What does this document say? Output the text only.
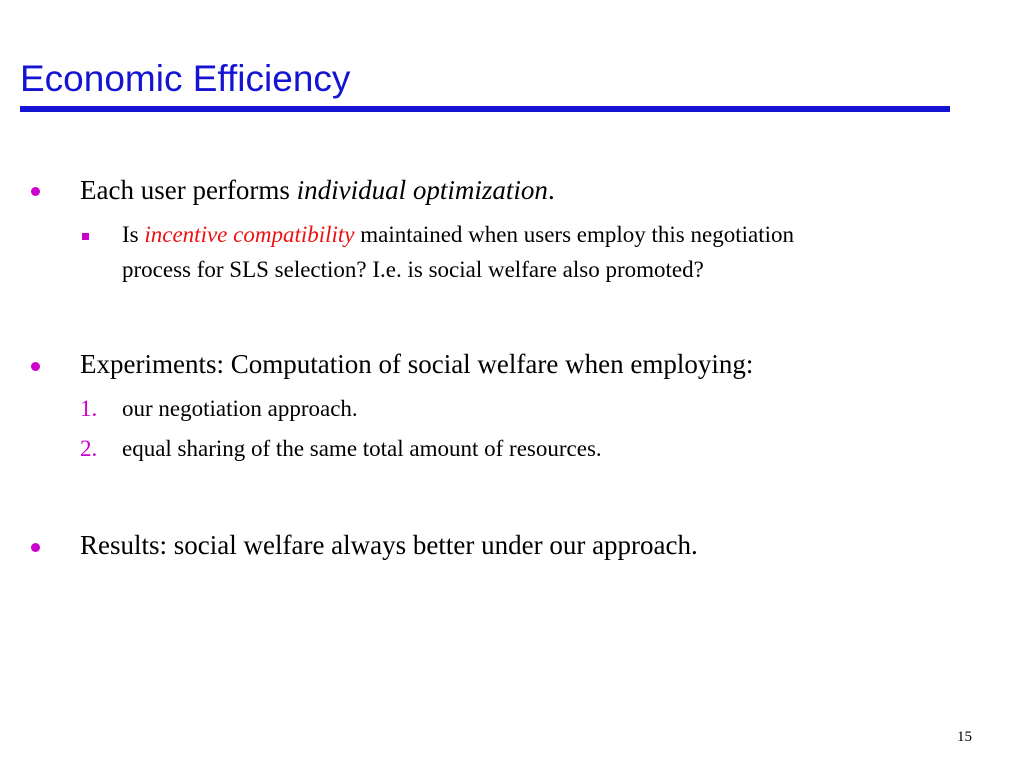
Economic Efficiency
Each user performs individual optimization.
Is incentive compatibility maintained when users employ this negotiation
process for SLS selection? I.e. is social welfare also promoted?
Experiments: Computation of social welfare when employing:
1. our negotiation approach.
2. equal sharing of the same total amount of resources.
Results: social welfare always better under our approach.
15
